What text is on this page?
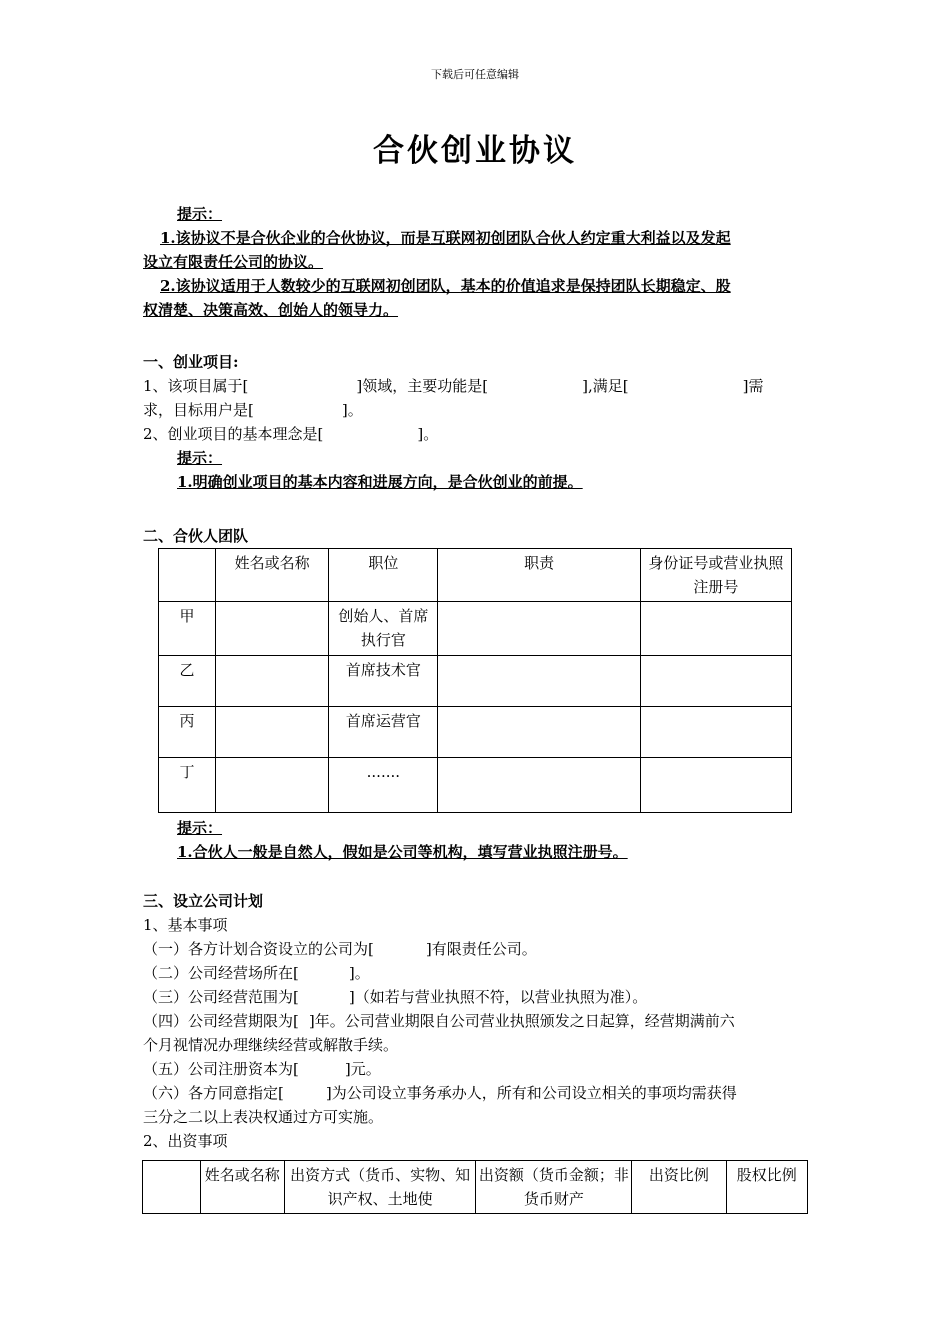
下载后可任意编辑
合伙创业协议
提示：
1.该协议不是合伙企业的合伙协议，而是互联网初创团队合伙人约定重大利益以及发起
设立有限责任公司的协议。
2.该协议适用于人数较少的互联网初创团队，基本的价值追求是保持团队长期稳定、股
权清楚、决策高效、创始人的领导力。
一、创业项目:
1、该项目属于[	]领域，主要功能是[	],满足[	]需
求，目标用户是[	]。
2、创业项目的基本理念是[	]。
提示：
1.明确创业项目的基本内容和进展方向，是合伙创业的前提。
二、合伙人团队
	姓名或名称	职位	职责	身份证号或营业执照注册号
甲		创始人、首席执行官		
乙		首席技术官		
丙		首席运营官		
丁		.......		
提示：
1.合伙人一般是自然人，假如是公司等机构，填写营业执照注册号。
三、设立公司计划
1、基本事项
（一）各方计划合资设立的公司为[	]有限责任公司。
（二）公司经营场所在[	]。
（三）公司经营范围为[	]（如若与营业执照不符，以营业执照为准）。
（四）公司经营期限为[ ]年。公司营业期限自公司营业执照颁发之日起算，经营期满前六
个月视情况办理继续经营或解散手续。
（五）公司注册资本为[	]元。
（六）各方同意指定[	]为公司设立事务承办人，所有和公司设立相关的事项均需获得
三分之二以上表决权通过方可实施。
2、出资事项
	姓名或名称	出资方式（货币、实物、知识产权、土地使	出资额（货币金额；非货币财产	出资比例	股权比例
